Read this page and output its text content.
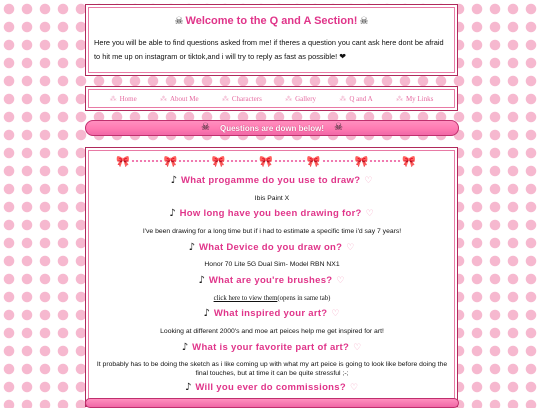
☠ Welcome to the Q and A Section! ☠
Here you will be able to find questions asked from me! if theres a question you cant ask here dont be afraid to hit me up on instagram or tiktok,and i will try to reply as fast as possible! ❤
⁂ Home	⁂ About Me	⁂ Characters	⁂ Gallery	⁂ Q and A	⁂ My Links
☠ Questions are down below! ☠
🎀	🎀	🎀	🎀	🎀	🎀	🎀
♪ What progamme do you use to draw? ♡
Ibis Paint X
♪ How long have you been drawing for? ♡
I've been drawing for a long time but if i had to estimate a specific time i'd say 7 years!
♪ What Device do you draw on? ♡
Honor 70 Lite 5G Dual Sim- Model RBN NX1
♪ What are you're brushes? ♡
click here to view them(opens in same tab)
♪ What inspired your art? ♡
Looking at different 2000's and moe art peices help me get inspired for art!
♪ What is your favorite part of art? ♡
It probably has to be doing the sketch as i like coming up with what my art peice is going to look like before doing the final touches, but at time it can be quite stressful ;-;
♪ Will you ever do commissions? ♡
